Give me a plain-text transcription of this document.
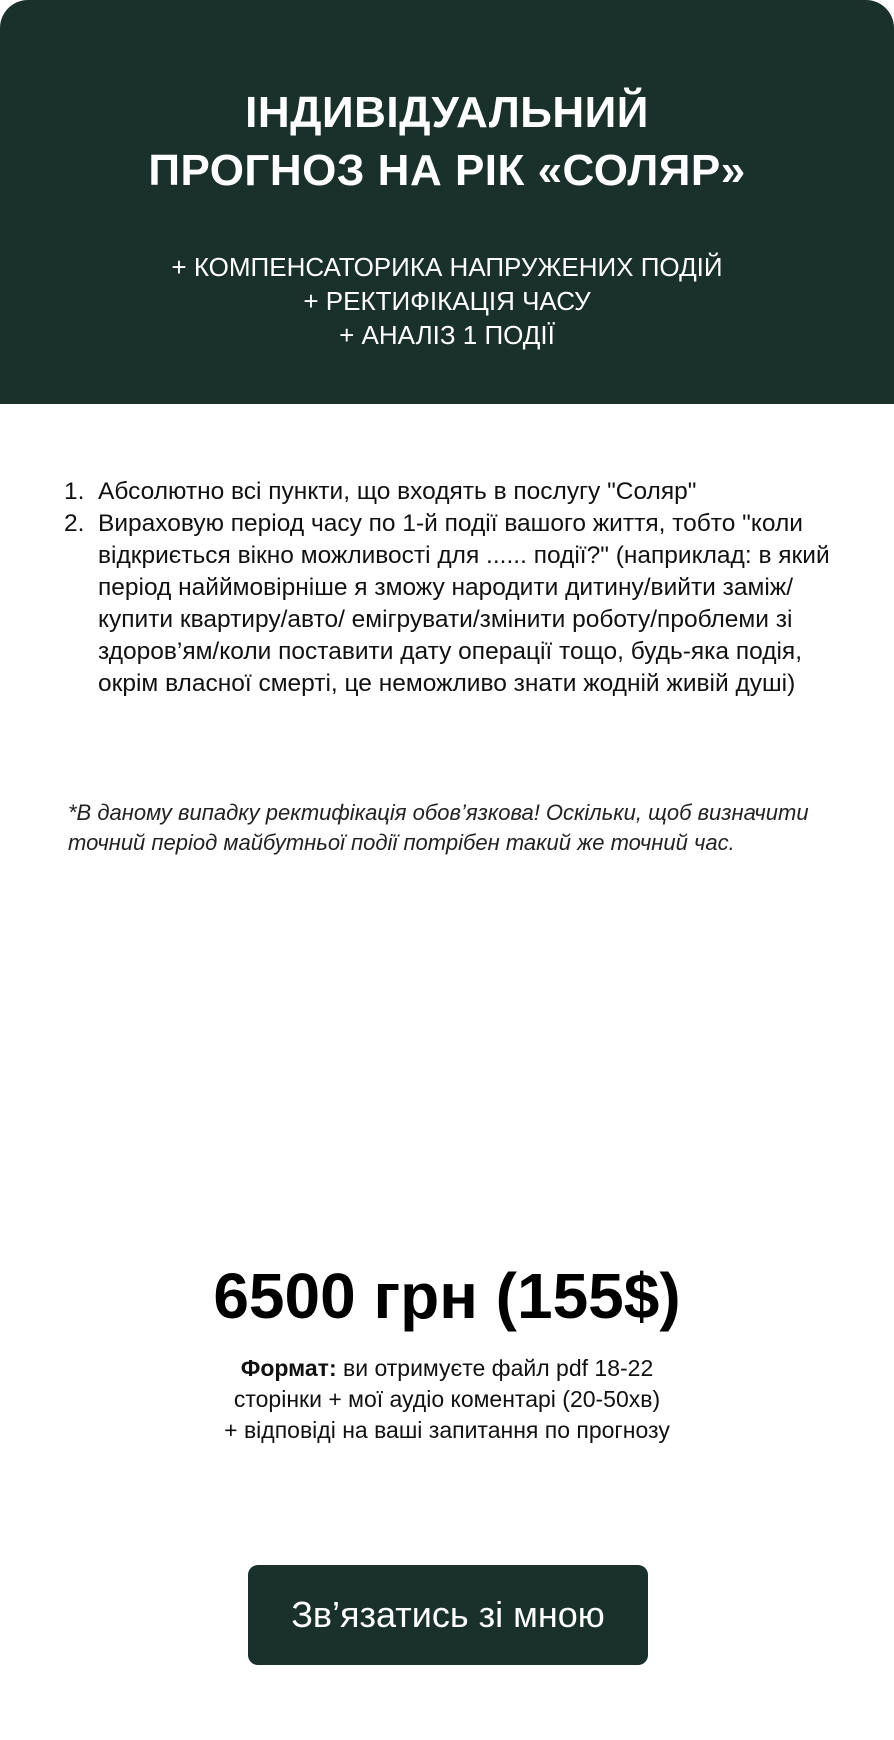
ІНДИВІДУАЛЬНИЙ
ПРОГНОЗ НА РІК «СОЛЯР»
+ КОМПЕНСАТОРИКА НАПРУЖЕНИХ ПОДІЙ
+ РЕКТИФІКАЦІЯ ЧАСУ
+ АНАЛІЗ 1 ПОДІЇ
1. Абсолютно всі пункти, що входять в послугу "Соляр"
2. Вираховую період часу по 1-й події вашого життя, тобто "коли відкриється вікно можливості для ...... події?" (наприклад: в який період найймовірніше я зможу народити дитину/вийти заміж/ купити квартиру/авто/ емігрувати/змінити роботу/проблеми зі здоров’ям/коли поставити дату операції тощо, будь-яка подія, окрім власної смерті, це неможливо знати жодній живій душі)

*В даному випадку ректифікація обов’язкова! Оскільки, щоб визначити точний період майбутньої події потрібен такий же точний час.

6500 грн (155$)
Формат: ви отримуєте файл pdf 18-22
сторінки + мої аудіо коментарі (20-50хв)
+ відповіді на ваші запитання по прогнозу
Зв’язатись зі мною
